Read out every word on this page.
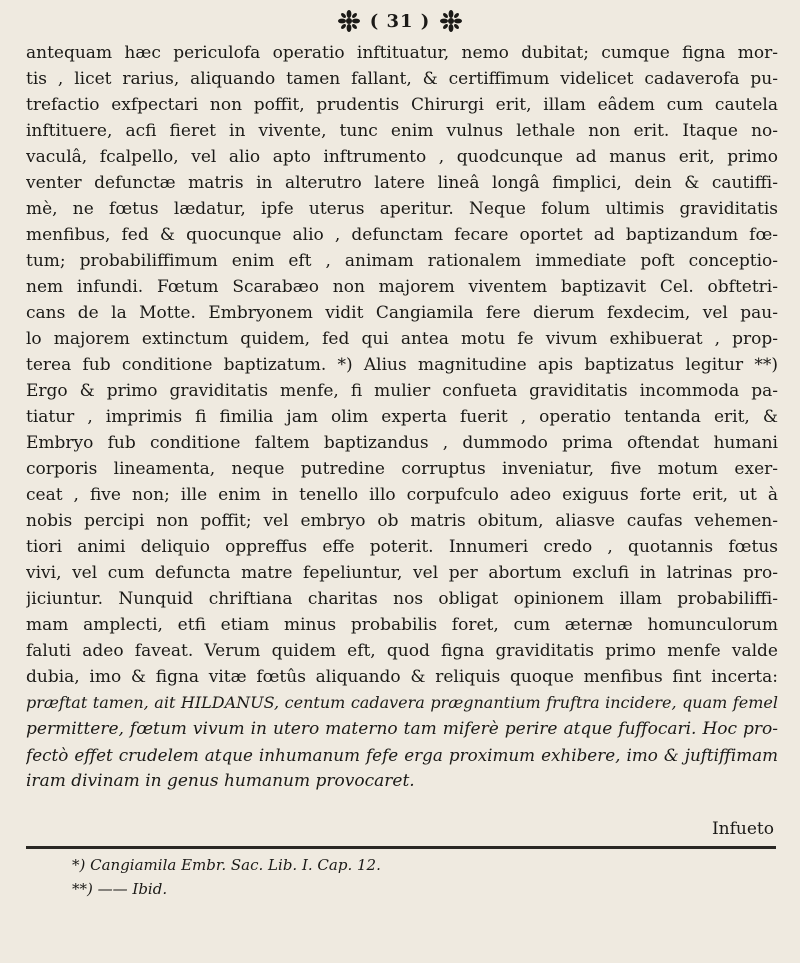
( 31 )
antequam hæc periculofa operatio inftituatur, nemo dubitat; cumque figna mor-
tis , licet rarius, aliquando tamen fallant, & certiffimum videlicet cadaverofa pu-
trefactio exfpectari non poffit, prudentis Chirurgi erit, illam eâdem cum cautela
inftituere, acfi fieret in vivente, tunc enim vulnus lethale non erit. Itaque no-
vaculâ, fcalpello, vel alio apto inftrumento , quodcunque ad manus erit, primo
venter defunctæ matris in alterutro latere lineâ longâ fimplici, dein & cautiffi-
mè, ne fœtus lædatur, ipfe uterus aperitur. Neque folum ultimis graviditatis
menfibus, fed & quocunque alio , defunctam fecare oportet ad baptizandum fœ-
tum; probabiliffimum enim eft , animam rationalem immediate poft conceptio-
nem infundi. Fœtum Scarabæo non majorem viventem baptizavit Cel. obftetri-
cans de la Motte. Embryonem vidit Cangiamila fere dierum fexdecim, vel pau-
lo majorem extinctum quidem, fed qui antea motu fe vivum exhibuerat , prop-
terea fub conditione baptizatum. *) Alius magnitudine apis baptizatus legitur **)
Ergo & primo graviditatis menfe, fi mulier confueta graviditatis incommoda pa-
tiatur , imprimis fi fimilia jam olim experta fuerit , operatio tentanda erit, &
Embryo fub conditione faltem baptizandus , dummodo prima oftendat humani
corporis lineamenta, neque putredine corruptus inveniatur, five motum exer-
ceat , five non; ille enim in tenello illo corpufculo adeo exiguus forte erit, ut à
nobis percipi non poffit; vel embryo ob matris obitum, aliasve caufas vehemen-
tiori animi deliquio oppreffus effe poterit. Innumeri credo , quotannis fœtus
vivi, vel cum defuncta matre fepeliuntur, vel per abortum exclufi in latrinas pro-
jiciuntur. Nunquid chriftiana charitas nos obligat opinionem illam probabiliffi-
mam amplecti, etfi etiam minus probabilis foret, cum æternæ homunculorum
faluti adeo faveat. Verum quidem eft, quod figna graviditatis primo menfe valde
dubia, imo & figna vitæ fœtûs aliquando & reliquis quoque menfibus fint incerta:
præftat tamen, ait HILDANUS, centum cadavera prægnantium fruftra incidere, quam femel
permittere, fœtum vivum in utero materno tam miferè perire atque fuffocari. Hoc pro-
fectò effet crudelem atque inhumanum fefe erga proximum exhibere, imo & juftiffimam
iram divinam in genus humanum provocaret.
Infueto
*) Cangiamila Embr. Sac. Lib. I. Cap. 12.
**) —— Ibid.
